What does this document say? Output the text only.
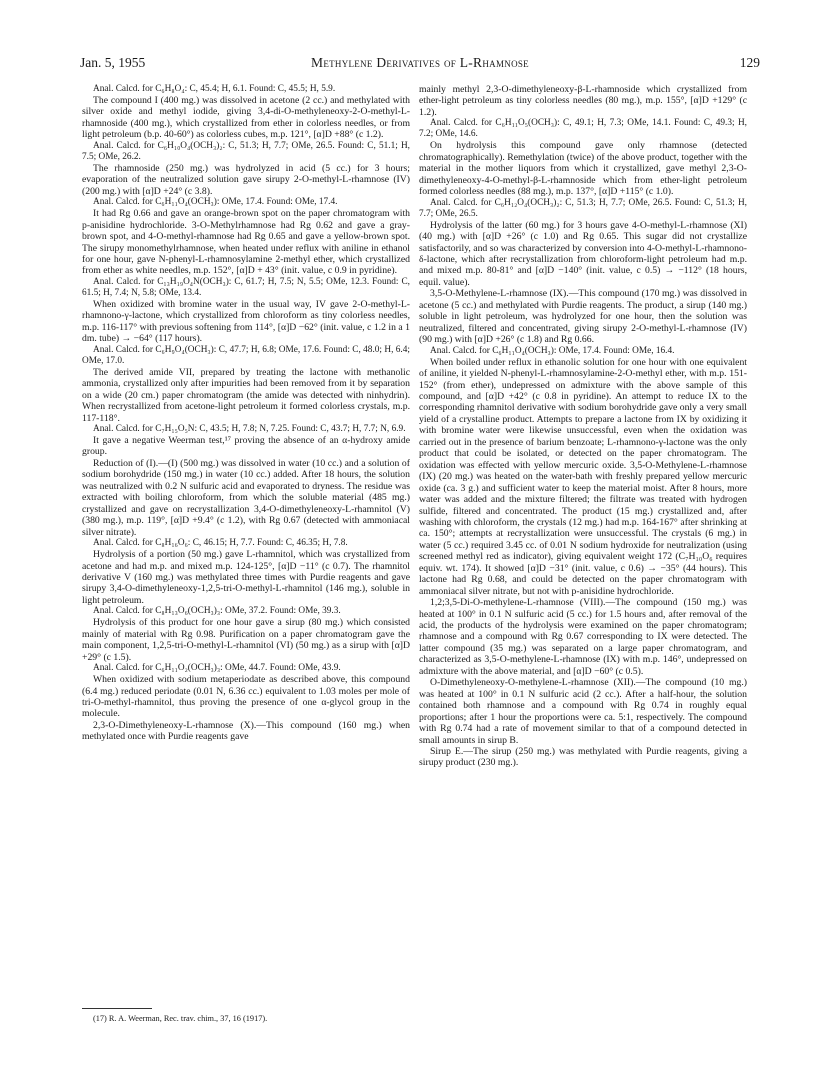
Jan. 5, 1955	Methylene Derivatives of L-Rhamnose	129

Anal. Calcd. for C₆H₈O₄: C, 45.4; H, 6.1. Found: C, 45.5; H, 5.9.

The compound I (400 mg.) was dissolved in acetone (2 cc.) and methylated with silver oxide and methyl iodide, giving 3,4-di-O-methyleneoxy-2-O-methyl-L-rhamnoside (400 mg.), which crystallized from ether in colorless needles, or from light petroleum (b.p. 40-60°) as colorless cubes, m.p. 121°, [α]D +88° (c 1.2).

Anal. Calcd. for C₆H₁₀O₄(OCH₃)₂: C, 51.3; H, 7.7; OMe, 26.5. Found: C, 51.1; H, 7.5; OMe, 26.2.

The rhamnoside (250 mg.) was hydrolyzed in acid (5 cc.) for 3 hours; evaporation of the neutralized solution gave sirupy 2-O-methyl-L-rhamnose (IV) (200 mg.) with [α]D +24° (c 3.8).

Anal. Calcd. for C₆H₁₁O₄(OCH₃): OMe, 17.4. Found: OMe, 17.4.

It had Rg 0.66 and gave an orange-brown spot on the paper chromatogram with p-anisidine hydrochloride. 3-O-Methylrhamnose had Rg 0.62 and gave a gray-brown spot, and 4-O-methyl-rhamnose had Rg 0.65 and gave a yellow-brown spot. The sirupy monomethylrhamnose, when heated under reflux with aniline in ethanol for one hour, gave N-phenyl-L-rhamnosylamine 2-methyl ether, which crystallized from ether as white needles, m.p. 152°, [α]D + 43° (init. value, c 0.9 in pyridine).

Anal. Calcd. for C₁₃H₁₉O₄N(OCH₃): C, 61.7; H, 7.5; N, 5.5; OMe, 12.3. Found: C, 61.5; H, 7.4; N, 5.8; OMe, 13.4.

When oxidized with bromine water in the usual way, IV gave 2-O-methyl-L-rhamnono-γ-lactone, which crystallized from chloroform as tiny colorless needles, m.p. 116-117° with previous softening from 114°, [α]D −62° (init. value, c 1.2 in a 1 dm. tube) → −64° (117 hours).

Anal. Calcd. for C₆H₉O₄(OCH₃): C, 47.7; H, 6.8; OMe, 17.6. Found: C, 48.0; H, 6.4; OMe, 17.0.

The derived amide VII, prepared by treating the lactone with methanolic ammonia, crystallized only after impurities had been removed from it by separation on a wide (20 cm.) paper chromatogram (the amide was detected with ninhydrin). When recrystallized from acetone-light petroleum it formed colorless crystals, m.p. 117-118°.

Anal. Calcd. for C₇H₁₅O₅N: C, 43.5; H, 7.8; N, 7.25. Found: C, 43.7; H, 7.7; N, 6.9.

It gave a negative Weerman test,¹⁷ proving the absence of an α-hydroxy amide group.

Reduction of (I).—(I) (500 mg.) was dissolved in water (10 cc.) and a solution of sodium borohydride (150 mg.) in water (10 cc.) added. After 18 hours, the solution was neutralized with 0.2 N sulfuric acid and evaporated to dryness. The residue was extracted with boiling chloroform, from which the soluble material (485 mg.) crystallized and gave on recrystallization 3,4-O-dimethyleneoxy-L-rhamnitol (V) (380 mg.), m.p. 119°, [α]D +9.4° (c 1.2), with Rg 0.67 (detected with ammoniacal silver nitrate).

Anal. Calcd. for C₈H₁₆O₆: C, 46.15; H, 7.7. Found: C, 46.35; H, 7.8.

Hydrolysis of a portion (50 mg.) gave L-rhamnitol, which was crystallized from acetone and had m.p. and mixed m.p. 124-125°, [α]D −11° (c 0.7). The rhamnitol derivative V (160 mg.) was methylated three times with Purdie reagents and gave sirupy 3,4-O-dimethyleneoxy-1,2,5-tri-O-methyl-L-rhamnitol (146 mg.), soluble in light petroleum.

Anal. Calcd. for C₈H₁₃O₆(OCH₃)₃: OMe, 37.2. Found: OMe, 39.3.

Hydrolysis of this product for one hour gave a sirup (80 mg.) which consisted mainly of material with Rg 0.98. Purification on a paper chromatogram gave the main component, 1,2,5-tri-O-methyl-L-rhamnitol (VI) (50 mg.) as a sirup with [α]D +29° (c 1.5).

Anal. Calcd. for C₆H₁₁O₂(OCH₃)₃: OMe, 44.7. Found: OMe, 43.9.

When oxidized with sodium metaperiodate as described above, this compound (6.4 mg.) reduced periodate (0.01 N, 6.36 cc.) equivalent to 1.03 moles per mole of tri-O-methyl-rhamnitol, thus proving the presence of one α-glycol group in the molecule.

2,3-O-Dimethyleneoxy-L-rhamnose (X).—This compound (160 mg.) when methylated once with Purdie reagents gave

mainly methyl 2,3-O-dimethyleneoxy-β-L-rhamnoside which crystallized from ether-light petroleum as tiny colorless needles (80 mg.), m.p. 155°, [α]D +129° (c 1.2).

Anal. Calcd. for C₆H₁₁O₅(OCH₃): C, 49.1; H, 7.3; OMe, 14.1. Found: C, 49.3; H, 7.2; OMe, 14.6.

On hydrolysis this compound gave only rhamnose (detected chromatographically). Remethylation (twice) of the above product, together with the material in the mother liquors from which it crystallized, gave methyl 2,3-O-dimethyleneoxy-4-O-methyl-β-L-rhamnoside which from ether-light petroleum formed colorless needles (88 mg.), m.p. 137°, [α]D +115° (c 1.0).

Anal. Calcd. for C₆H₁₂O₄(OCH₃)₂: C, 51.3; H, 7.7; OMe, 26.5. Found: C, 51.3; H, 7.7; OMe, 26.5.

Hydrolysis of the latter (60 mg.) for 3 hours gave 4-O-methyl-L-rhamnose (XI) (40 mg.) with [α]D +26° (c 1.0) and Rg 0.65. This sugar did not crystallize satisfactorily, and so was characterized by conversion into 4-O-methyl-L-rhamnono-δ-lactone, which after recrystallization from chloroform-light petroleum had m.p. and mixed m.p. 80-81° and [α]D −140° (init. value, c 0.5) → −112° (18 hours, equil. value).

3,5-O-Methylene-L-rhamnose (IX).—This compound (170 mg.) was dissolved in acetone (5 cc.) and methylated with Purdie reagents. The product, a sirup (140 mg.) soluble in light petroleum, was hydrolyzed for one hour, then the solution was neutralized, filtered and concentrated, giving sirupy 2-O-methyl-L-rhamnose (IV) (90 mg.) with [α]D +26° (c 1.8) and Rg 0.66.

Anal. Calcd. for C₆H₁₁O₄(OCH₃): OMe, 17.4. Found: OMe, 16.4.

When boiled under reflux in ethanolic solution for one hour with one equivalent of aniline, it yielded N-phenyl-L-rhamnosylamine-2-O-methyl ether, with m.p. 151-152° (from ether), undepressed on admixture with the above sample of this compound, and [α]D +42° (c 0.8 in pyridine). An attempt to reduce IX to the corresponding rhamnitol derivative with sodium borohydride gave only a very small yield of a crystalline product. Attempts to prepare a lactone from IX by oxidizing it with bromine water were likewise unsuccessful, even when the oxidation was carried out in the presence of barium benzoate; L-rhamnono-γ-lactone was the only product that could be isolated, or detected on the paper chromatogram. The oxidation was effected with yellow mercuric oxide. 3,5-O-Methylene-L-rhamnose (IX) (20 mg.) was heated on the water-bath with freshly prepared yellow mercuric oxide (ca. 3 g.) and sufficient water to keep the material moist. After 8 hours, more water was added and the mixture filtered; the filtrate was treated with hydrogen sulfide, filtered and concentrated. The product (15 mg.) crystallized and, after washing with chloroform, the crystals (12 mg.) had m.p. 164-167° after shrinking at ca. 150°; attempts at recrystallization were unsuccessful. The crystals (6 mg.) in water (5 cc.) required 3.45 cc. of 0.01 N sodium hydroxide for neutralization (using screened methyl red as indicator), giving equivalent weight 172 (C₇H₁₀O₆ requires equiv. wt. 174). It showed [α]D −31° (init. value, c 0.6) → −35° (44 hours). This lactone had Rg 0.68, and could be detected on the paper chromatogram with ammoniacal silver nitrate, but not with p-anisidine hydrochloride.

1,2;3,5-Di-O-methylene-L-rhamnose (VIII).—The compound (150 mg.) was heated at 100° in 0.1 N sulfuric acid (5 cc.) for 1.5 hours and, after removal of the acid, the products of the hydrolysis were examined on the paper chromatogram; rhamnose and a compound with Rg 0.67 corresponding to IX were detected. The latter compound (35 mg.) was separated on a large paper chromatogram, and characterized as 3,5-O-methylene-L-rhamnose (IX) with m.p. 146°, undepressed on admixture with the above material, and [α]D −60° (c 0.5).

O-Dimethyleneoxy-O-methylene-L-rhamnose (XII).—The compound (10 mg.) was heated at 100° in 0.1 N sulfuric acid (2 cc.). After a half-hour, the solution contained both rhamnose and a compound with Rg 0.74 in roughly equal proportions; after 1 hour the proportions were ca. 5:1, respectively. The compound with Rg 0.74 had a rate of movement similar to that of a compound detected in small amounts in sirup B.

Sirup E.—The sirup (250 mg.) was methylated with Purdie reagents, giving a sirupy product (230 mg.).

(17) R. A. Weerman, Rec. trav. chim., 37, 16 (1917).
